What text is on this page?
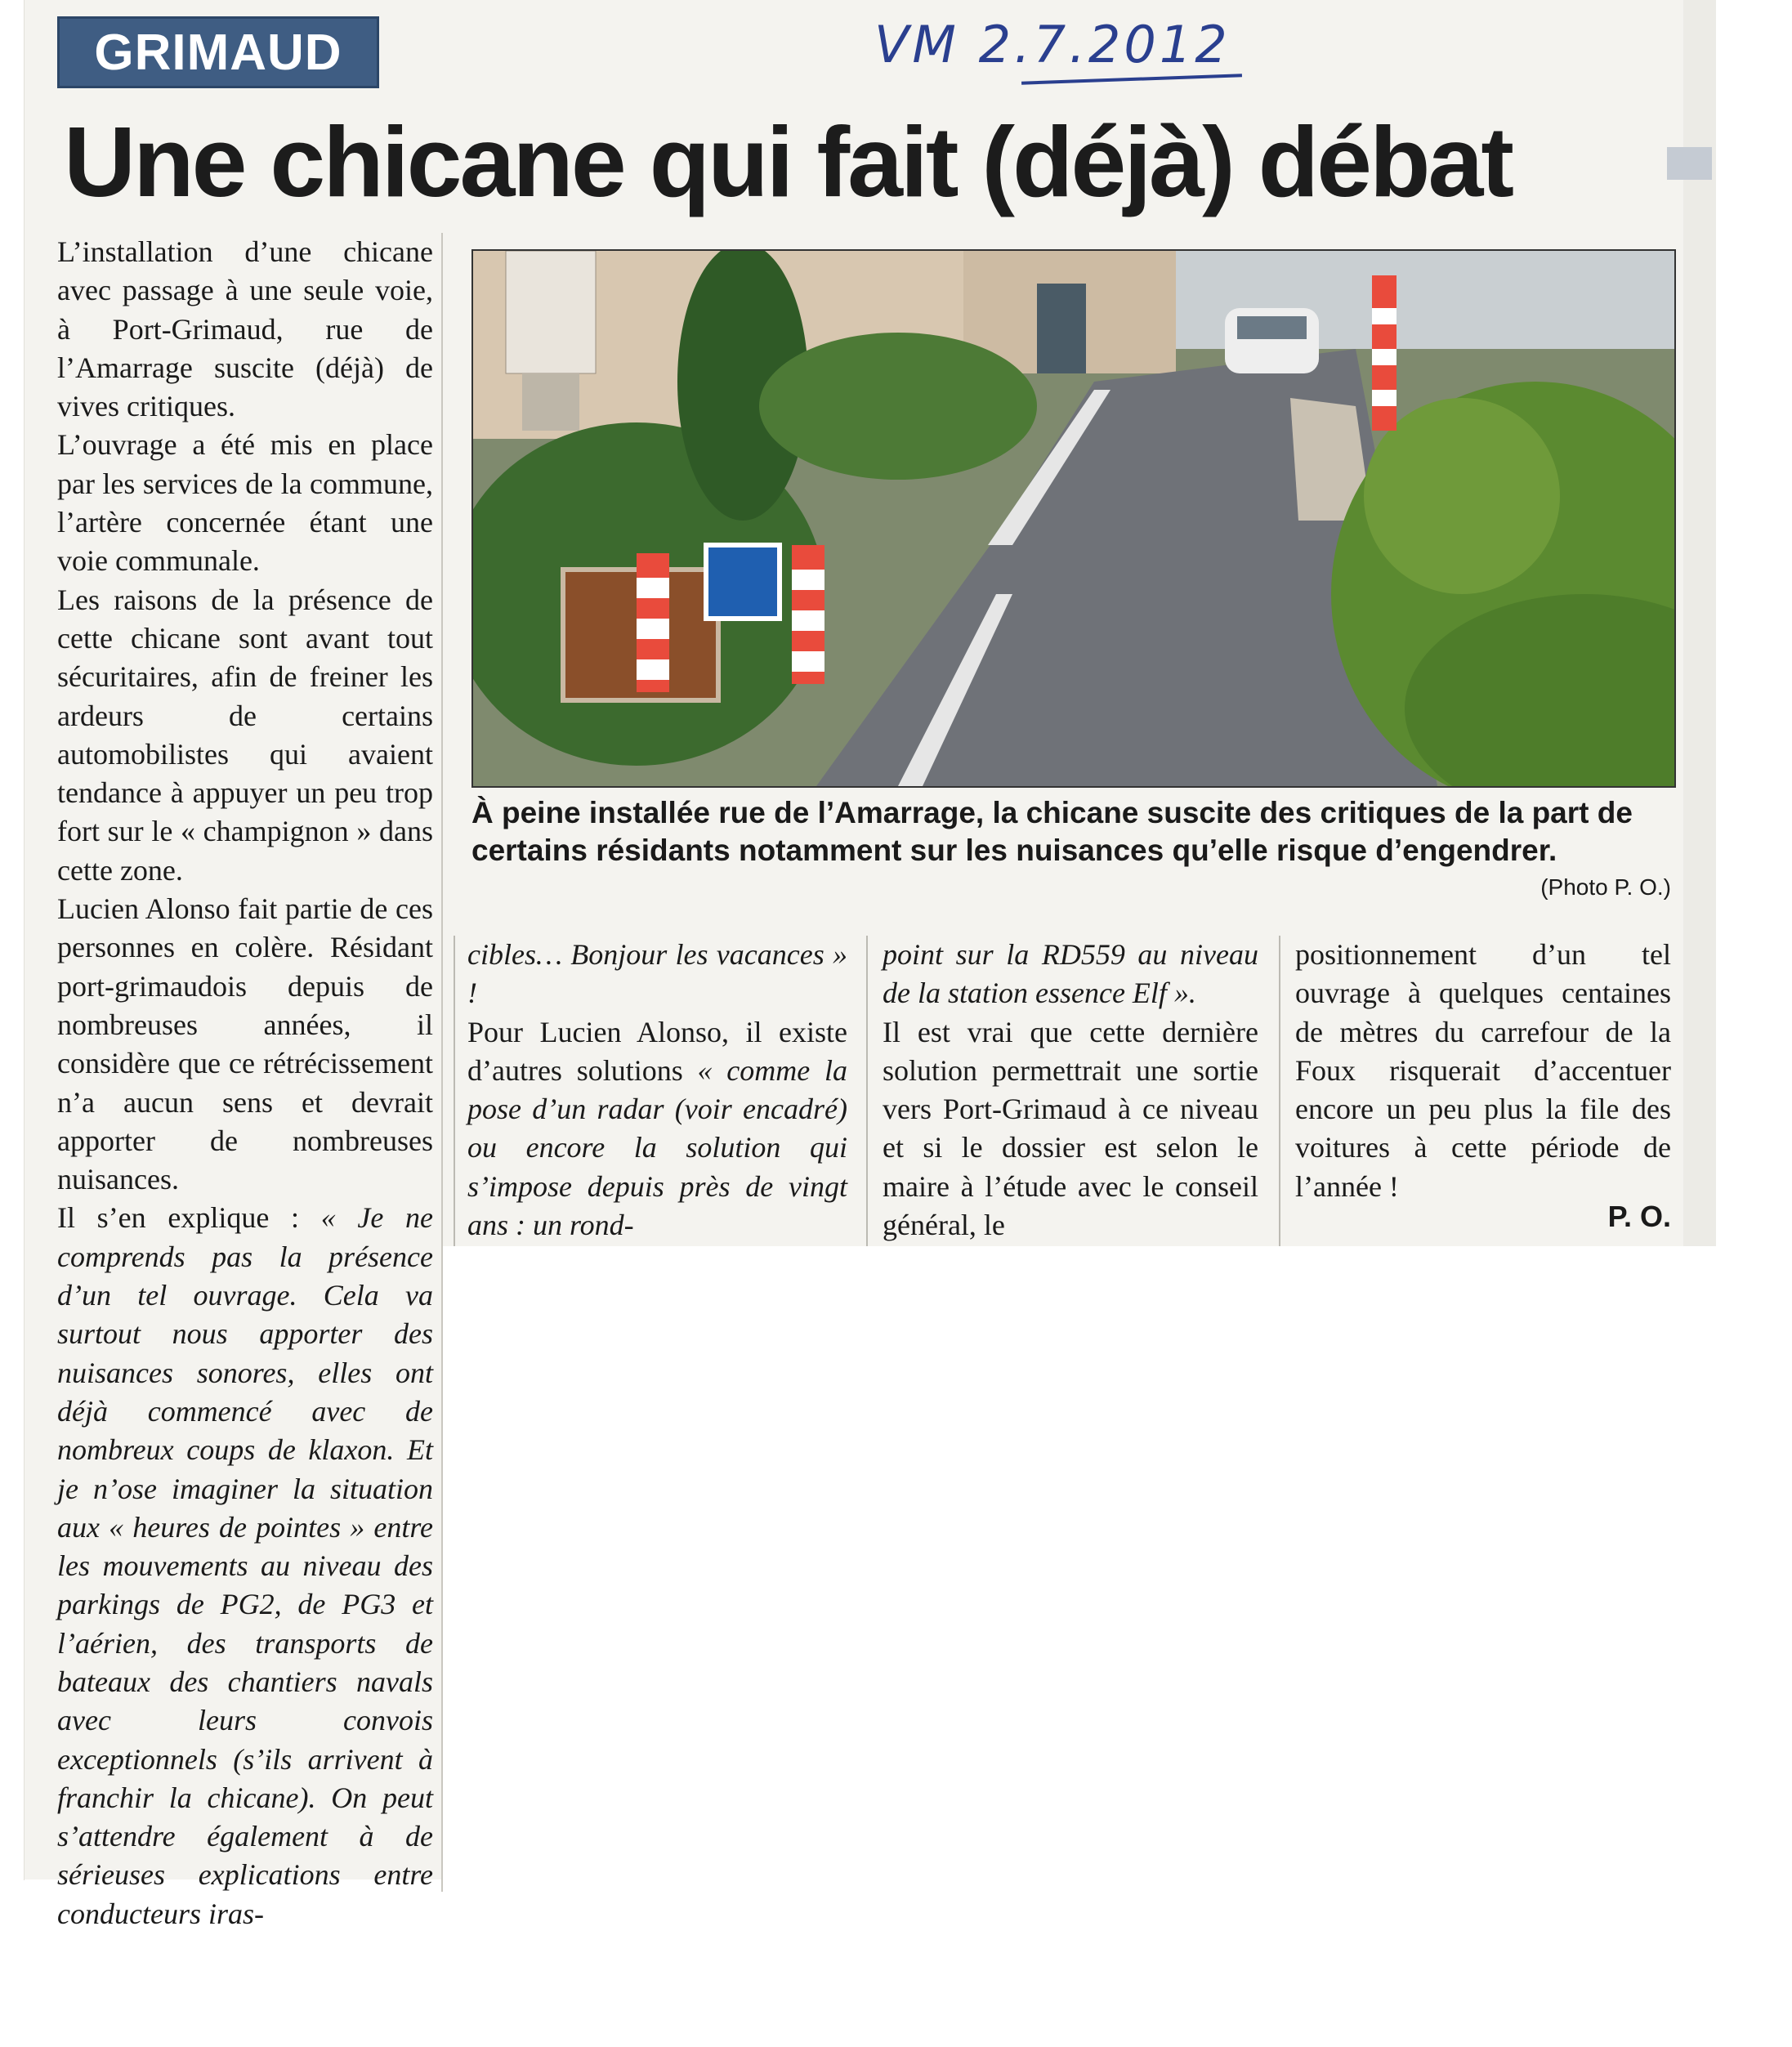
GRIMAUD	VM 2.7.2012
Une chicane qui fait (déjà) débat

L’installation d’une chicane avec passage à une seule voie, à Port-Grimaud, rue de l’Amarrage suscite (déjà) de vives critiques.

L’ouvrage a été mis en place par les services de la commune, l’artère concernée étant une voie communale.

Les raisons de la présence de cette chicane sont avant tout sécuritaires, afin de freiner les ardeurs de certains automobilistes qui avaient tendance à appuyer un peu trop fort sur le « champignon » dans cette zone.

Lucien Alonso fait partie de ces personnes en colère. Résidant port-grimaudois depuis de nombreuses années, il considère que ce rétrécissement n’a aucun sens et devrait apporter de nombreuses nuisances.

Il s’en explique : « Je ne comprends pas la présence d’un tel ouvrage. Cela va surtout nous apporter des nuisances sonores, elles ont déjà commencé avec de nombreux coups de klaxon. Et je n’ose imaginer la situation aux « heures de pointes » entre les mouvements au niveau des parkings de PG2, de PG3 et l’aérien, des transports de bateaux des chantiers navals avec leurs convois exceptionnels (s’ils arrivent à franchir la chicane). On peut s’attendre également à de sérieuses explications entre conducteurs iras-

À peine installée rue de l’Amarrage, la chicane suscite des critiques de la part de certains résidants notamment sur les nuisances qu’elle risque d’engendrer.
(Photo P. O.)

cibles… Bonjour les vacances » !

Pour Lucien Alonso, il existe d’autres solutions « comme la pose d’un radar (voir encadré) ou encore la solution qui s’impose depuis près de vingt ans : un rond-

point sur la RD559 au niveau de la station essence Elf ».

Il est vrai que cette dernière solution permettrait une sortie vers Port-Grimaud à ce niveau et si le dossier est selon le maire à l’étude avec le conseil général, le

positionnement d’un tel ouvrage à quelques centaines de mètres du carrefour de la Foux risquerait d’accentuer encore un peu plus la file des voitures à cette période de l’année !

P. O.
